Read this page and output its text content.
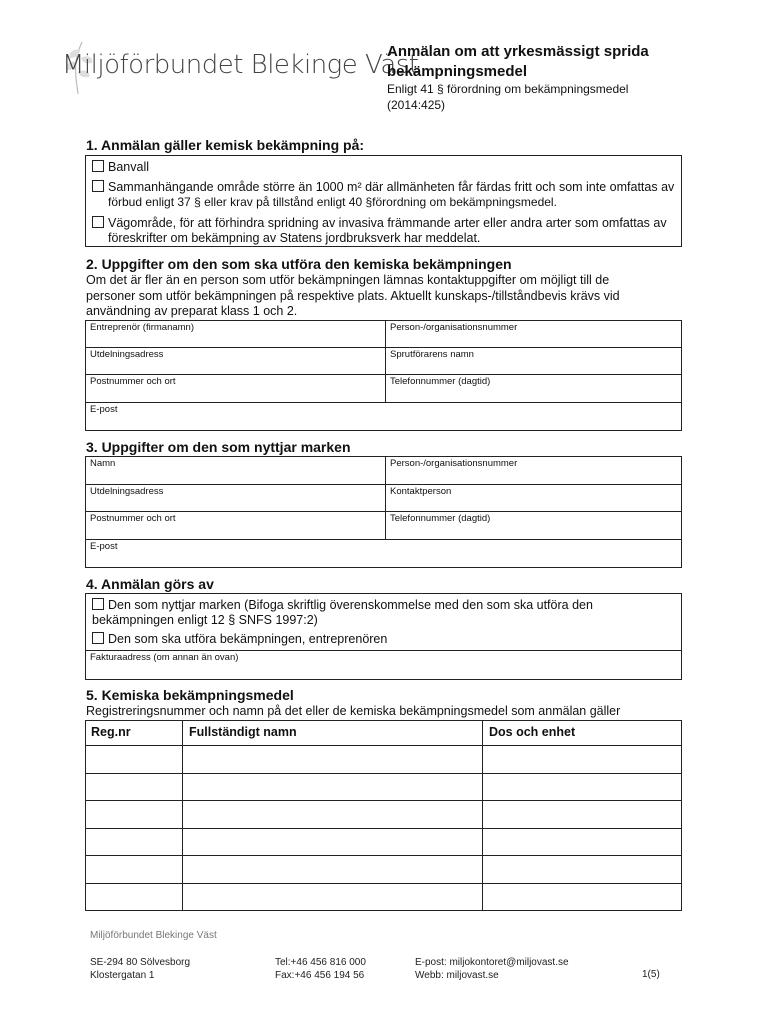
Miljöförbundet Blekinge Väst
Anmälan om att yrkesmässigt sprida
bekämpningsmedel
Enligt 41 § förordning om bekämpningsmedel
(2014:425)
1. Anmälan gäller kemisk bekämpning på:
Banvall
Sammanhängande område större än 1000 m² där allmänheten får färdas fritt och som inte omfattas av
förbud enligt 37 § eller krav på tillstånd enligt 40 §förordning om bekämpningsmedel.
Vägområde, för att förhindra spridning av invasiva främmande arter eller andra arter som omfattas av
föreskrifter om bekämpning av Statens jordbruksverk har meddelat.
2. Uppgifter om den som ska utföra den kemiska bekämpningen
Om det är fler än en person som utför bekämpningen lämnas kontaktuppgifter om möjligt till de
personer som utför bekämpningen på respektive plats. Aktuellt kunskaps-/tillståndbevis krävs vid
användning av preparat klass 1 och 2.
Entreprenör (firmanamn)	Person-/organisationsnummer
Utdelningsadress	Sprutförarens namn
Postnummer och ort	Telefonnummer (dagtid)
E-post
3. Uppgifter om den som nyttjar marken
Namn	Person-/organisationsnummer
Utdelningsadress	Kontaktperson
Postnummer och ort	Telefonnummer (dagtid)
E-post
4. Anmälan görs av
Den som nyttjar marken (Bifoga skriftlig överenskommelse med den som ska utföra den
bekämpningen enligt 12 § SNFS 1997:2)
Den som ska utföra bekämpningen, entreprenören
Fakturaadress (om annan än ovan)
5. Kemiska bekämpningsmedel
Registreringsnummer och namn på det eller de kemiska bekämpningsmedel som anmälan gäller
Reg.nr	Fullständigt namn	Dos och enhet
Miljöförbundet Blekinge Väst
SE-294 80 Sölvesborg
Klostergatan 1
Tel:+46 456 816 000
Fax:+46 456 194 56
E-post: miljokontoret@miljovast.se
Webb: miljovast.se	1(5)
